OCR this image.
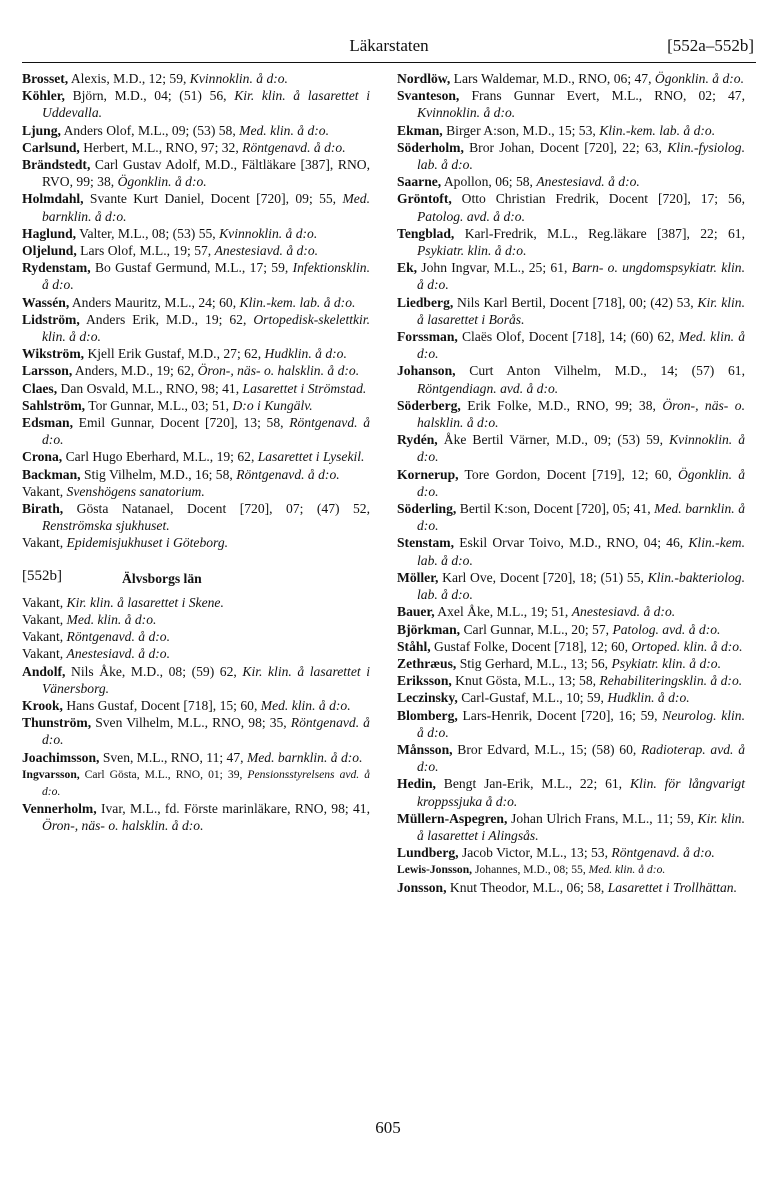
Läkarstaten	[552a–552b]

Brosset, Alexis, M.D., 12; 59, Kvinnoklin. å d:o.

Köhler, Björn, M.D., 04; (51) 56, Kir. klin. å lasarettet i Uddevalla.

Ljung, Anders Olof, M.L., 09; (53) 58, Med. klin. å d:o.

Carlsund, Herbert, M.L., RNO, 97; 32, Röntgenavd. å d:o.

Brändstedt, Carl Gustav Adolf, M.D., Fältläkare [387], RNO, RVO, 99; 38, Ögonklin. å d:o.

Holmdahl, Svante Kurt Daniel, Docent [720], 09; 55, Med. barnklin. å d:o.

Haglund, Valter, M.L., 08; (53) 55, Kvinnoklin. å d:o.

Oljelund, Lars Olof, M.L., 19; 57, Anestesiavd. å d:o.

Rydenstam, Bo Gustaf Germund, M.L., 17; 59, Infektionsklin. å d:o.

Wassén, Anders Mauritz, M.L., 24; 60, Klin.-kem. lab. å d:o.

Lidström, Anders Erik, M.D., 19; 62, Ortopedisk-skelettkir. klin. å d:o.

Wikström, Kjell Erik Gustaf, M.D., 27; 62, Hudklin. å d:o.

Larsson, Anders, M.D., 19; 62, Öron-, näs- o. halsklin. å d:o.

Claes, Dan Osvald, M.L., RNO, 98; 41, Lasarettet i Strömstad.

Sahlström, Tor Gunnar, M.L., 03; 51, D:o i Kungälv.

Edsman, Emil Gunnar, Docent [720], 13; 58, Röntgenavd. å d:o.

Crona, Carl Hugo Eberhard, M.L., 19; 62, Lasarettet i Lysekil.

Backman, Stig Vilhelm, M.D., 16; 58, Röntgenavd. å d:o.

Vakant, Svenshögens sanatorium.

Birath, Gösta Natanael, Docent [720], 07; (47) 52, Renströmska sjukhuset.

Vakant, Epidemisjukhuset i Göteborg.

[552b]	Älvsborgs län

Vakant, Kir. klin. å lasarettet i Skene.

Vakant, Med. klin. å d:o.

Vakant, Röntgenavd. å d:o.

Vakant, Anestesiavd. å d:o.

Andolf, Nils Åke, M.D., 08; (59) 62, Kir. klin. å lasarettet i Vänersborg.

Krook, Hans Gustaf, Docent [718], 15; 60, Med. klin. å d:o.

Thunström, Sven Vilhelm, M.L., RNO, 98; 35, Röntgenavd. å d:o.

Joachimsson, Sven, M.L., RNO, 11; 47, Med. barnklin. å d:o.

Ingvarsson, Carl Gösta, M.L., RNO, 01; 39, Pensionsstyrelsens avd. å d:o.

Vennerholm, Ivar, M.L., fd. Förste marinläkare, RNO, 98; 41, Öron-, näs- o. halsklin. å d:o.

Nordlöw, Lars Waldemar, M.D., RNO, 06; 47, Ögonklin. å d:o.

Svanteson, Frans Gunnar Evert, M.L., RNO, 02; 47, Kvinnoklin. å d:o.

Ekman, Birger A:son, M.D., 15; 53, Klin.-kem. lab. å d:o.

Söderholm, Bror Johan, Docent [720], 22; 63, Klin.-fysiolog. lab. å d:o.

Saarne, Apollon, 06; 58, Anestesiavd. å d:o.

Gröntoft, Otto Christian Fredrik, Docent [720], 17; 56, Patolog. avd. å d:o.

Tengblad, Karl-Fredrik, M.L., Reg.läkare [387], 22; 61, Psykiatr. klin. å d:o.

Ek, John Ingvar, M.L., 25; 61, Barn- o. ungdomspsykiatr. klin. å d:o.

Liedberg, Nils Karl Bertil, Docent [718], 00; (42) 53, Kir. klin. å lasarettet i Borås.

Forssman, Claës Olof, Docent [718], 14; (60) 62, Med. klin. å d:o.

Johanson, Curt Anton Vilhelm, M.D., 14; (57) 61, Röntgendiagn. avd. å d:o.

Söderberg, Erik Folke, M.D., RNO, 99; 38, Öron-, näs- o. halsklin. å d:o.

Rydén, Åke Bertil Värner, M.D., 09; (53) 59, Kvinnoklin. å d:o.

Kornerup, Tore Gordon, Docent [719], 12; 60, Ögonklin. å d:o.

Söderling, Bertil K:son, Docent [720], 05; 41, Med. barnklin. å d:o.

Stenstam, Eskil Orvar Toivo, M.D., RNO, 04; 46, Klin.-kem. lab. å d:o.

Möller, Karl Ove, Docent [720], 18; (51) 55, Klin.-bakteriolog. lab. å d:o.

Bauer, Axel Åke, M.L., 19; 51, Anestesiavd. å d:o.

Björkman, Carl Gunnar, M.L., 20; 57, Patolog. avd. å d:o.

Ståhl, Gustaf Folke, Docent [718], 12; 60, Ortoped. klin. å d:o.

Zethræus, Stig Gerhard, M.L., 13; 56, Psykiatr. klin. å d:o.

Eriksson, Knut Gösta, M.L., 13; 58, Rehabiliteringsklin. å d:o.

Leczinsky, Carl-Gustaf, M.L., 10; 59, Hudklin. å d:o.

Blomberg, Lars-Henrik, Docent [720], 16; 59, Neurolog. klin. å d:o.

Månsson, Bror Edvard, M.L., 15; (58) 60, Radioterap. avd. å d:o.

Hedin, Bengt Jan-Erik, M.L., 22; 61, Klin. för långvarigt kroppssjuka å d:o.

Müllern-Aspegren, Johan Ulrich Frans, M.L., 11; 59, Kir. klin. å lasarettet i Alingsås.

Lundberg, Jacob Victor, M.L., 13; 53, Röntgenavd. å d:o.

Lewis-Jonsson, Johannes, M.D., 08; 55, Med. klin. å d:o.

Jonsson, Knut Theodor, M.L., 06; 58, Lasarettet i Trollhättan.

605
